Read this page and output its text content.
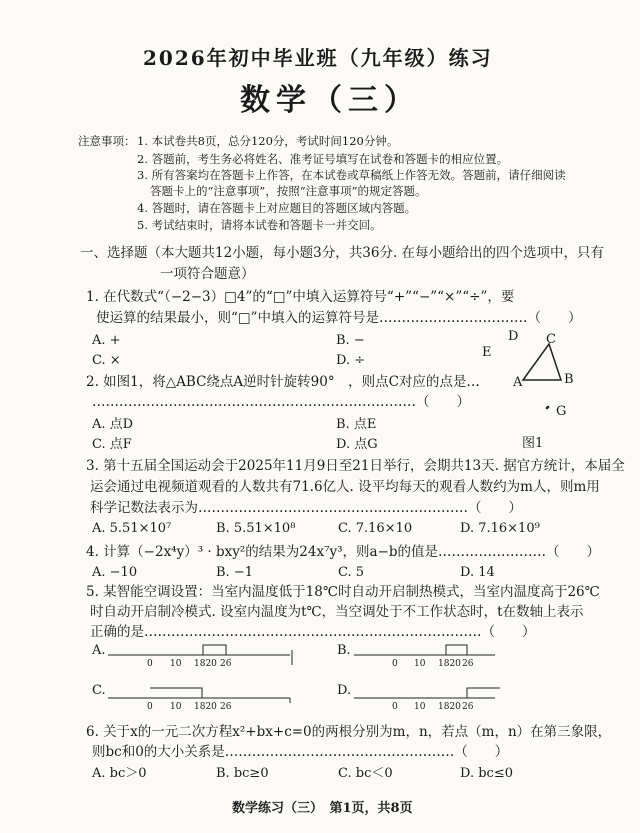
2026年初中毕业班（九年级）练习
数学（三）
注意事项： 1. 本试卷共8页，总分120分，考试时间120分钟。
2. 答题前，考生务必将姓名、准考证号填写在试卷和答题卡的相应位置。
3. 所有答案均在答题卡上作答，在本试卷或草稿纸上作答无效。答题前，请仔细阅读
答题卡上的“注意事项”，按照“注意事项”的规定答题。
4. 答题时，请在答题卡上对应题目的答题区域内答题。
5. 考试结束时，请将本试卷和答题卡一并交回。
一、选择题（本大题共12小题，每小题3分，共36分. 在每小题给出的四个选项中，只有
一项符合题意）
1. 在代数式“（−2−3）□4”的“□”中填入运算符号“+”“−”“×”“÷”，要
使运算的结果最小，则“□”中填入的运算符号是……………………………（　　）
A. +	B. −
C. ×	D. ÷
2. 如图1，将△ABC绕点A逆时针旋转90°　，则点C对应的点是…
………………………………………………………………（　　）
A. 点D	B. 点E
C. 点F	D. 点G
C
D
E
A	B
G
图1
3. 第十五届全国运动会于2025年11月9日至21日举行，会期共13天. 据官方统计，本届全
运会通过电视频道观看的人数共有71.6亿人. 设平均每天的观看人数约为m人，则m用
科学记数法表示为……………………………………………………（　　）
A. 5.51×10⁷	B. 5.51×10⁸	C. 7.16×10	D. 7.16×10⁹
4. 计算（−2x⁴y）³ · bxy²的结果为24x⁷y³，则a−b的值是……………………（　　）
A. −10	B. −1	C. 5	D. 14
5. 某智能空调设置：当室内温度低于18℃时自动开启制热模式，当室内温度高于26℃
时自动开启制冷模式. 设室内温度为t℃，当空调处于不工作状态时，t在数轴上表示
正确的是…………………………………………………………………（　　）
A.	B.
C.	D.
0 10 1820 26	0 10 1820 26
0 10 1820 26	0 10 1820 26
6. 关于x的一元二次方程x²+bx+c=0的两根分别为m，n，若点（m，n）在第三象限，
则bc和0的大小关系是……………………………………………（　　）
A. bc＞0	B. bc≥0	C. bc＜0	D. bc≤0
数学练习（三）　第1页，共8页
